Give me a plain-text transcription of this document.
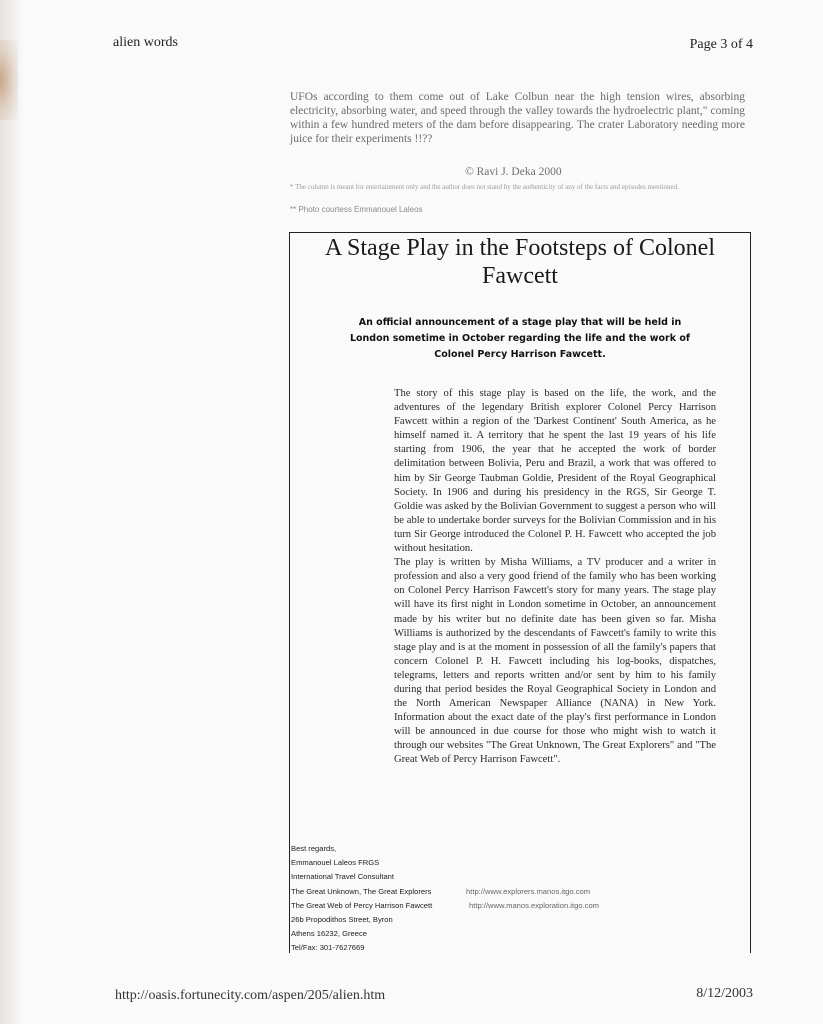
alien words	Page 3 of 4
UFOs according to them come out of Lake Colbun near the high tension wires, absorbing electricity, absorbing water, and speed through the valley towards the hydroelectric plant," coming within a few hundred meters of the dam before disappearing. The crater Laboratory needing more juice for their experiments !!??
© Ravi J. Deka 2000
* The column is meant for entertainment only and the author does not stand by the authenticity of any of the facts and episodes mentioned.
** Photo courtess Emmanouel Laleos
A Stage Play in the Footsteps of Colonel Fawcett
An official announcement of a stage play that will be held in London sometime in October regarding the life and the work of Colonel Percy Harrison Fawcett.

The story of this stage play is based on the life, the work, and the adventures of the legendary British explorer Colonel Percy Harrison Fawcett within a region of the 'Darkest Continent' South America, as he himself named it. A territory that he spent the last 19 years of his life starting from 1906, the year that he accepted the work of border delimitation between Bolivia, Peru and Brazil, a work that was offered to him by Sir George Taubman Goldie, President of the Royal Geographical Society. In 1906 and during his presidency in the RGS, Sir George T. Goldie was asked by the Bolivian Government to suggest a person who will be able to undertake border surveys for the Bolivian Commission and in his turn Sir George introduced the Colonel P. H. Fawcett who accepted the job without hesitation.

The play is written by Misha Williams, a TV producer and a writer in profession and also a very good friend of the family who has been working on Colonel Percy Harrison Fawcett's story for many years. The stage play will have its first night in London sometime in October, an announcement made by his writer but no definite date has been given so far. Misha Williams is authorized by the descendants of Fawcett's family to write this stage play and is at the moment in possession of all the family's papers that concern Colonel P. H. Fawcett including his log-books, dispatches, telegrams, letters and reports written and/or sent by him to his family during that period besides the Royal Geographical Society in London and the North American Newspaper Alliance (NANA) in New York. Information about the exact date of the play's first performance in London will be announced in due course for those who might wish to watch it through our websites "The Great Unknown, The Great Explorers" and "The Great Web of Percy Harrison Fawcett".

Best regards,
Emmanouel Laleos FRGS
International Travel Consultant
The Great Unknown, The Great Explorers	http://www.explorers.manos.itgo.com
The Great Web of Percy Harrison Fawcett	http://www.manos.exploration.itgo.com
26b Propodithos Street, Byron
Athens 16232, Greece
Tel/Fax: 301-7627669
http://oasis.fortunecity.com/aspen/205/alien.htm	8/12/2003
